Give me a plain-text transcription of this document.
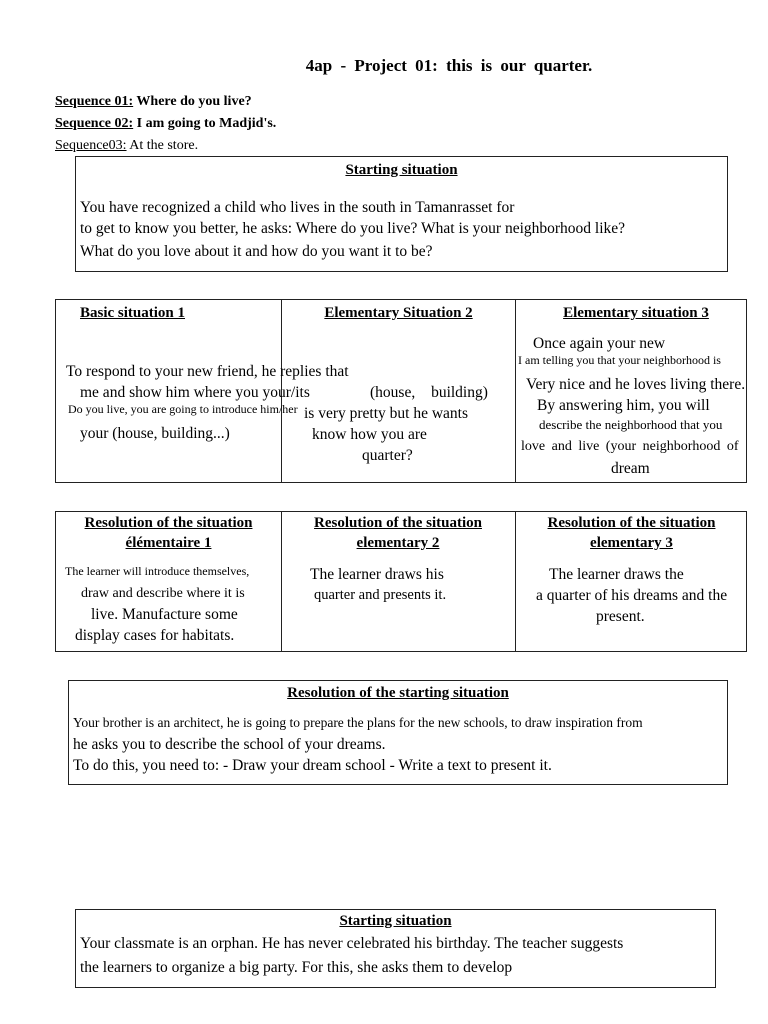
4ap - Project 01: this is our quarter.
Sequence 01: Where do you live?
Sequence 02: I am going to Madjid's.
Sequence03: At the store.
Starting situation

You have recognized a child who lives in the south in Tamanrasset for

to get to know you better, he asks: Where do you live? What is your neighborhood like?

What do you love about it and how do you want it to be?

Basic situation 1	Elementary Situation 2	Elementary situation 3
To respond to your new friend, he replies that
me and show him where you your/its
Do you live, you are going to introduce him/her
your (house, building...)
(house, building)
is very pretty but he wants
know how you are
quarter?
Once again your new
I am telling you that your neighborhood is
Very nice and he loves living there.
By answering him, you will
describe the neighborhood that you
love and live (your neighborhood of
dream

Resolution of the situation

élémentaire 1

Resolution of the situation

elementary 2

Resolution of the situation

elementary 3

The learner will introduce themselves,
draw and describe where it is
live. Manufacture some
display cases for habitats.
The learner draws his
quarter and presents it.
The learner draws the
a quarter of his dreams and the
present.
Resolution of the starting situation
Your brother is an architect, he is going to prepare the plans for the new schools, to draw inspiration from
he asks you to describe the school of your dreams.
To do this, you need to: - Draw your dream school - Write a text to present it.
Starting situation
Your classmate is an orphan. He has never celebrated his birthday. The teacher suggests
the learners to organize a big party. For this, she asks them to develop
